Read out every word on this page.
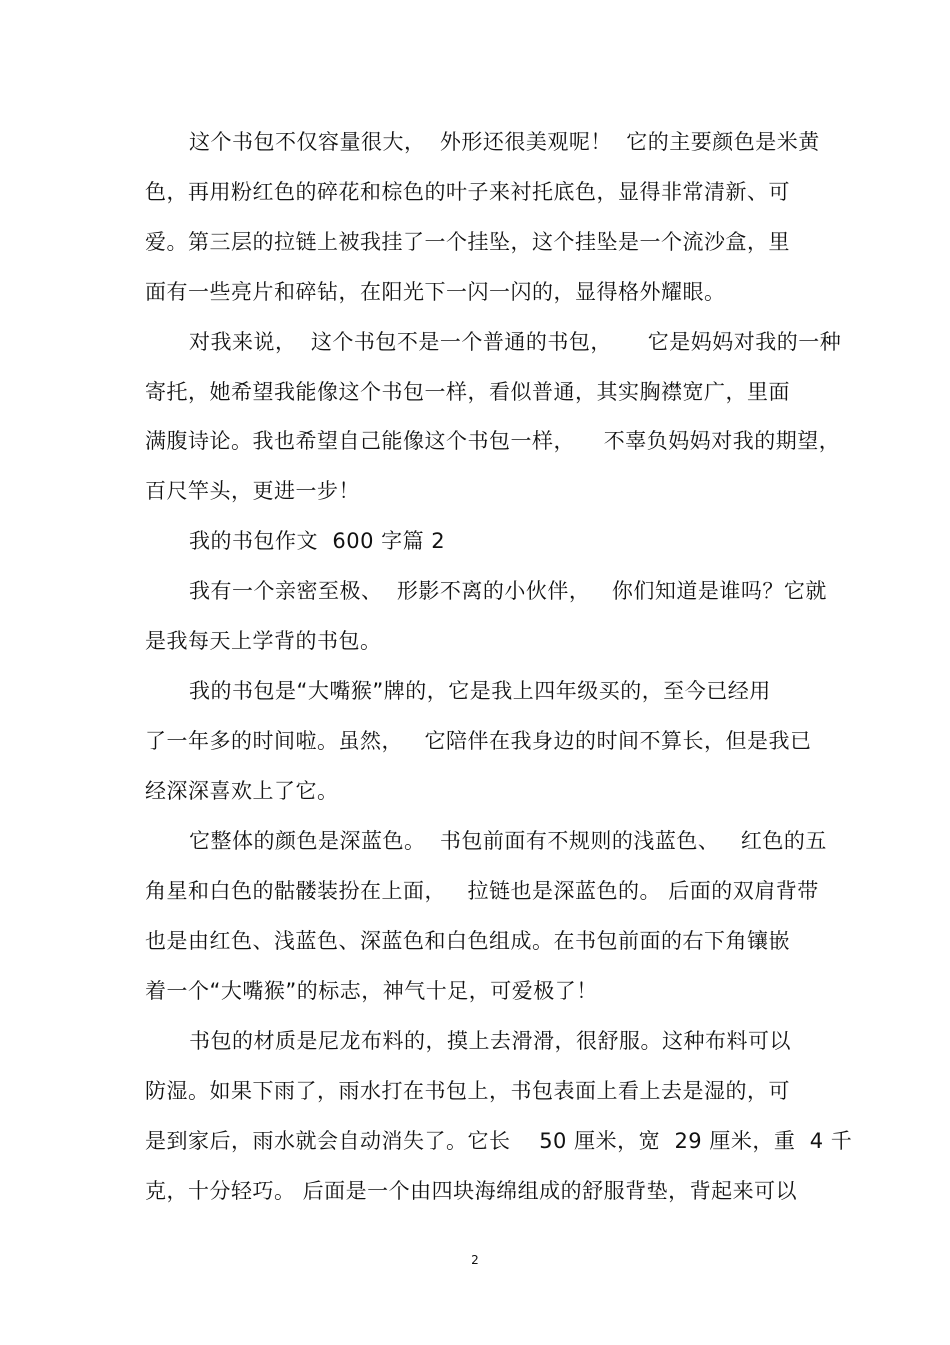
这个书包不仅容量很大，  外形还很美观呢！  它的主要颜色是米黄
色，再用粉红色的碎花和棕色的叶子来衬托底色，显得非常清新、可
爱。第三层的拉链上被我挂了一个挂坠，这个挂坠是一个流沙盒，里
面有一些亮片和碎钻，在阳光下一闪一闪的，显得格外耀眼。
对我来说，  这个书包不是一个普通的书包，     它是妈妈对我的一种
寄托，她希望我能像这个书包一样，看似普通，其实胸襟宽广，里面
满腹诗论。我也希望自己能像这个书包一样，    不辜负妈妈对我的期望，
百尺竿头，更进一步！
我的书包作文  600 字篇 2
我有一个亲密至极、  形影不离的小伙伴，   你们知道是谁吗？它就
是我每天上学背的书包。
我的书包是“大嘴猴”牌的，它是我上四年级买的，至今已经用
了一年多的时间啦。虽然，   它陪伴在我身边的时间不算长，但是我已
经深深喜欢上了它。
它整体的颜色是深蓝色。  书包前面有不规则的浅蓝色、   红色的五
角星和白色的骷髅装扮在上面，   拉链也是深蓝色的。 后面的双肩背带
也是由红色、浅蓝色、深蓝色和白色组成。在书包前面的右下角镶嵌
着一个“大嘴猴”的标志，神气十足，可爱极了！
书包的材质是尼龙布料的，摸上去滑滑，很舒服。这种布料可以
防湿。如果下雨了，雨水打在书包上，书包表面上看上去是湿的，可
是到家后，雨水就会自动消失了。它长    50 厘米，宽  29 厘米，重  4 千
克，十分轻巧。 后面是一个由四块海绵组成的舒服背垫，背起来可以
2
